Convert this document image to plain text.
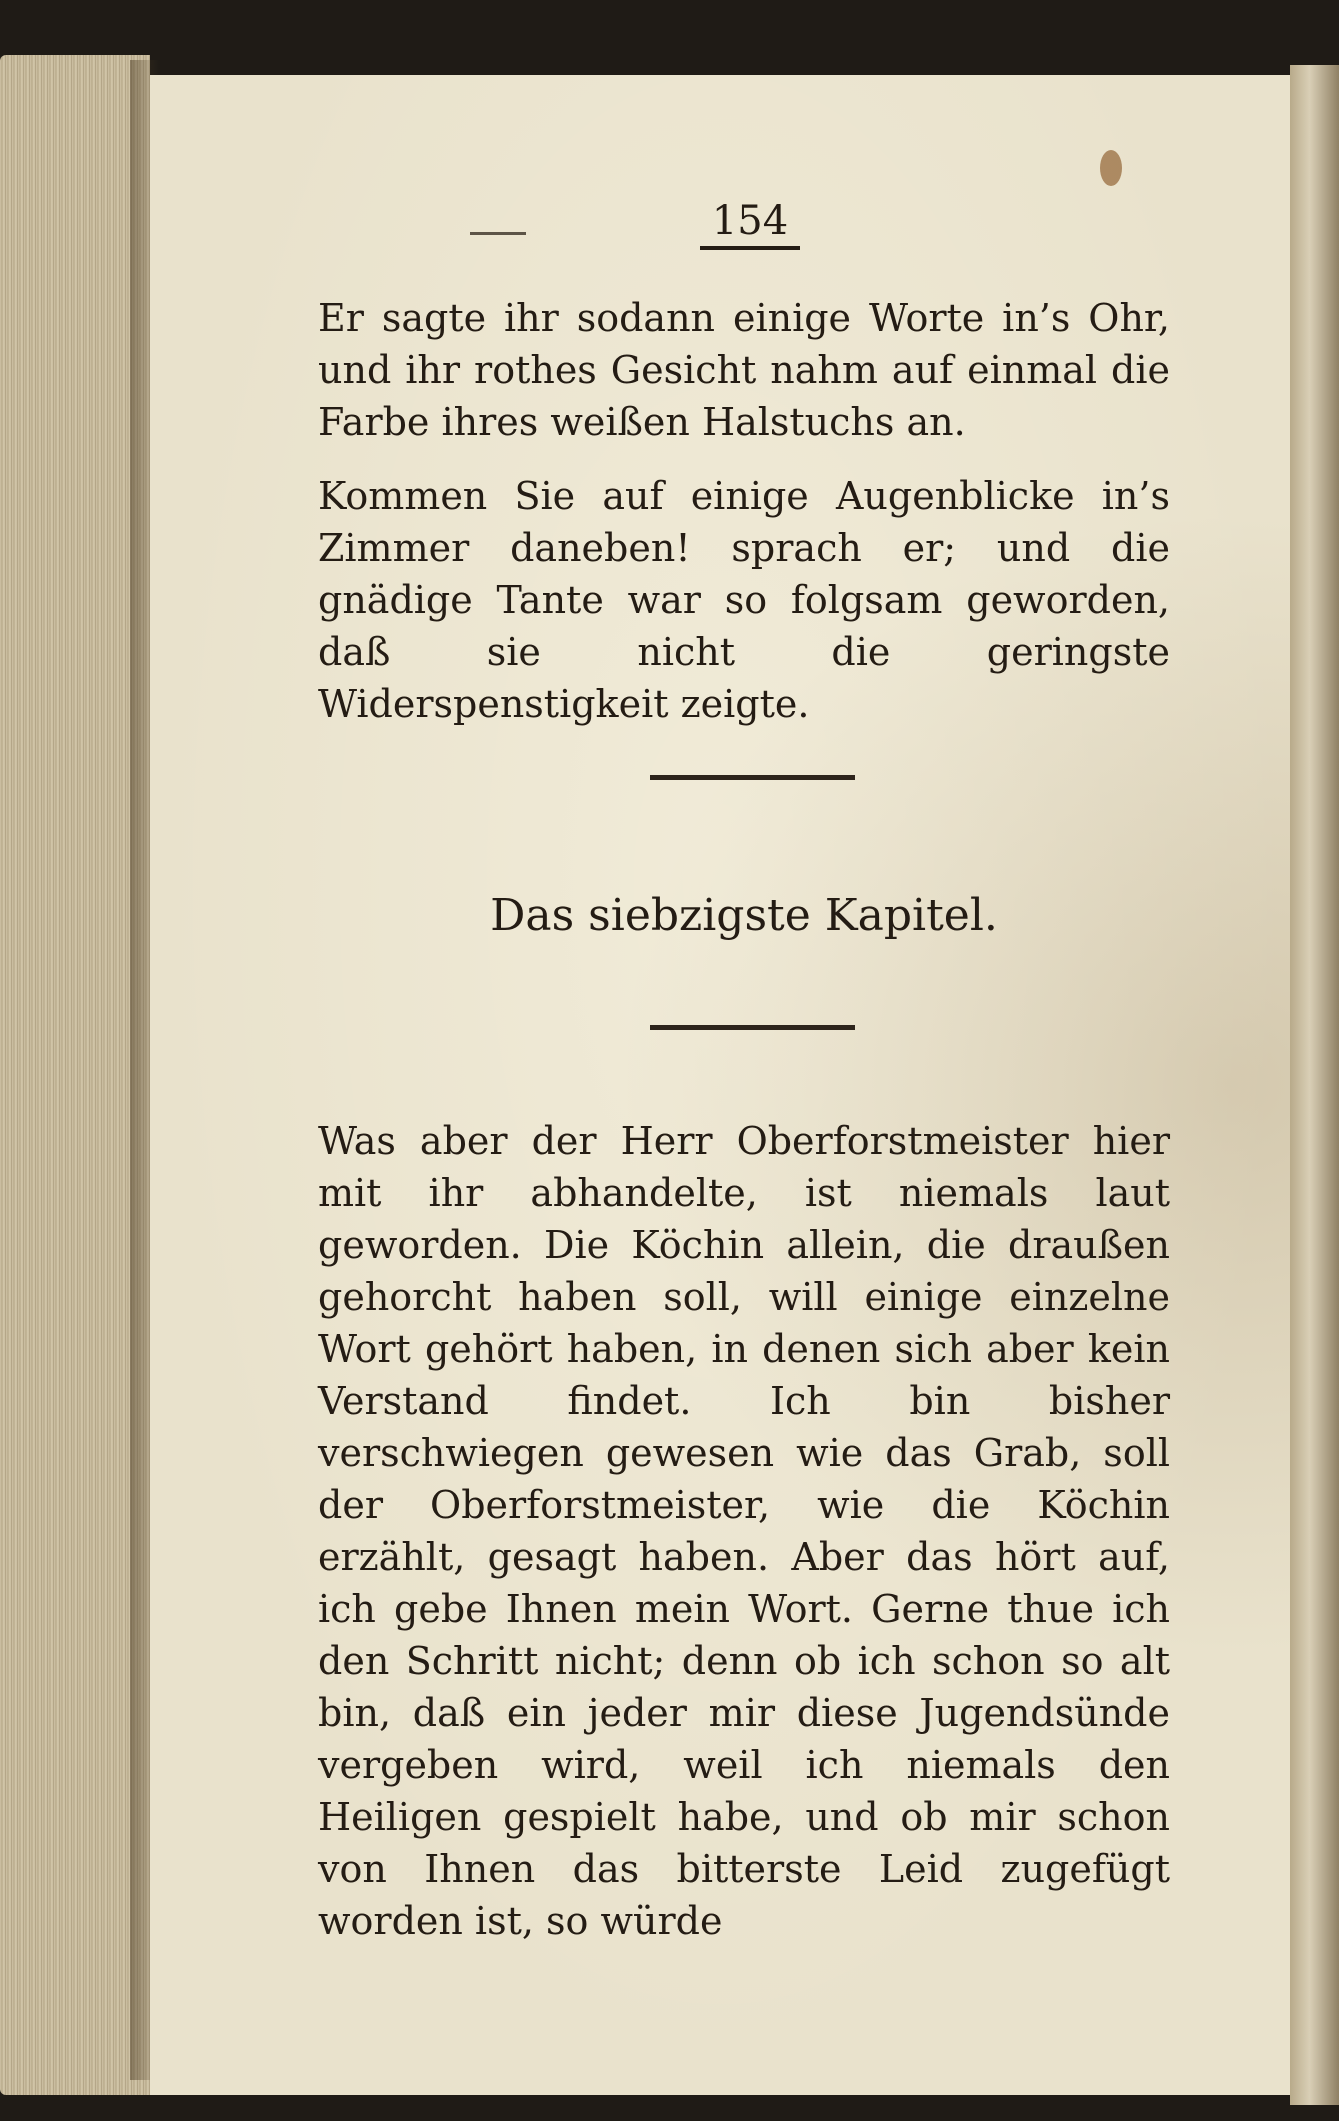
154

Er sagte ihr sodann einige Worte in’s Ohr, und ihr rothes Gesicht nahm auf einmal die Farbe ihres weißen Halstuchs an.

Kommen Sie auf einige Augenblicke in’s Zimmer daneben! sprach er; und die gnädige Tante war so folgsam geworden, daß sie nicht die geringste Widerspenstigkeit zeigte.

Das siebzigste Kapitel.

Was aber der Herr Oberforstmeister hier mit ihr abhandelte, ist niemals laut geworden. Die Köchin allein, die draußen gehorcht haben soll, will einige einzelne Wort gehört haben, in denen sich aber kein Verstand findet. Ich bin bisher verschwiegen gewesen wie das Grab, soll der Oberforstmeister, wie die Köchin erzählt, gesagt haben. Aber das hört auf, ich gebe Ihnen mein Wort. Gerne thue ich den Schritt nicht; denn ob ich schon so alt bin, daß ein jeder mir diese Jugendsünde vergeben wird, weil ich niemals den Heiligen gespielt habe, und ob mir schon von Ihnen das bitterste Leid zugefügt worden ist, so würde
